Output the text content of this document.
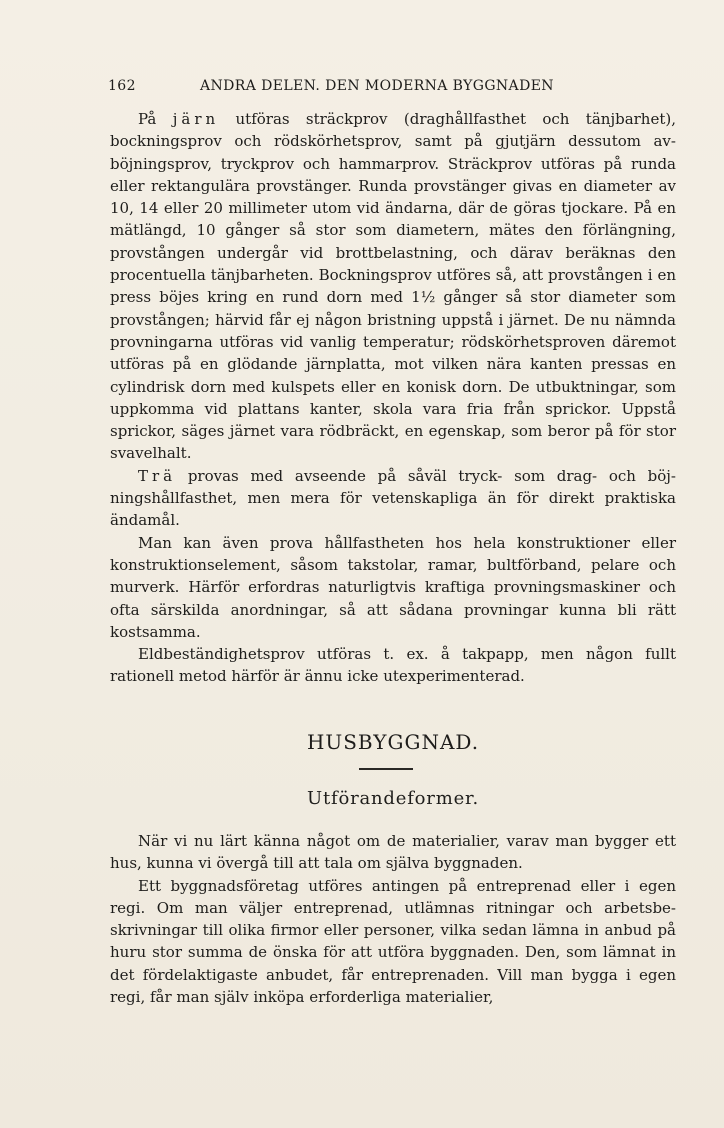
162	ANDRA DELEN. DEN MODERNA BYGGNADEN

På järn utföras sträckprov (draghållfasthet och tänjbarhet), bockningsprov och rödskörhetsprov, samt på gjutjärn dessutom avböjningsprov, tryckprov och hammarprov. Sträckprov utföras på runda eller rektangulära provstänger. Runda provstänger givas en diameter av 10, 14 eller 20 millimeter utom vid ändarna, där de göras tjockare. På en mätlängd, 10 gånger så stor som diametern, mätes den förlängning, provstången undergår vid brottbelastning, och därav beräknas den procentuella tänjbarheten. Bockningsprov utföres så, att provstången i en press böjes kring en rund dorn med 1½ gånger så stor diameter som provstången; härvid får ej någon bristning uppstå i järnet. De nu nämnda provningarna utföras vid vanlig temperatur; rödskörhetsproven däremot utföras på en glödande järnplatta, mot vilken nära kanten pressas en cylindrisk dorn med kulspets eller en konisk dorn. De utbuktningar, som uppkomma vid plattans kanter, skola vara fria från sprickor. Uppstå sprickor, säges järnet vara rödbräckt, en egenskap, som beror på för stor svavelhalt.

Trä provas med avseende på såväl tryck- som drag- och böjningshållfasthet, men mera för vetenskapliga än för direkt praktiska ändamål.

Man kan även prova hållfastheten hos hela konstruktioner eller konstruktionselement, såsom takstolar, ramar, bultförband, pelare och murverk. Härför erfordras naturligtvis kraftiga provningsmaskiner och ofta särskilda anordningar, så att sådana provningar kunna bli rätt kostsamma.

Eldbeständighetsprov utföras t. ex. å takpapp, men någon fullt rationell metod härför är ännu icke utexperimenterad.

HUSBYGGNAD.
Utförandeformer.

När vi nu lärt känna något om de materialier, varav man bygger ett hus, kunna vi övergå till att tala om själva byggnaden.

Ett byggnadsföretag utföres antingen på entreprenad eller i egen regi. Om man väljer entreprenad, utlämnas ritningar och arbetsbeskrivningar till olika firmor eller personer, vilka sedan lämna in anbud på huru stor summa de önska för att utföra byggnaden. Den, som lämnat in det fördelaktigaste anbudet, får entreprenaden. Vill man bygga i egen regi, får man själv inköpa erforderliga materialier,
